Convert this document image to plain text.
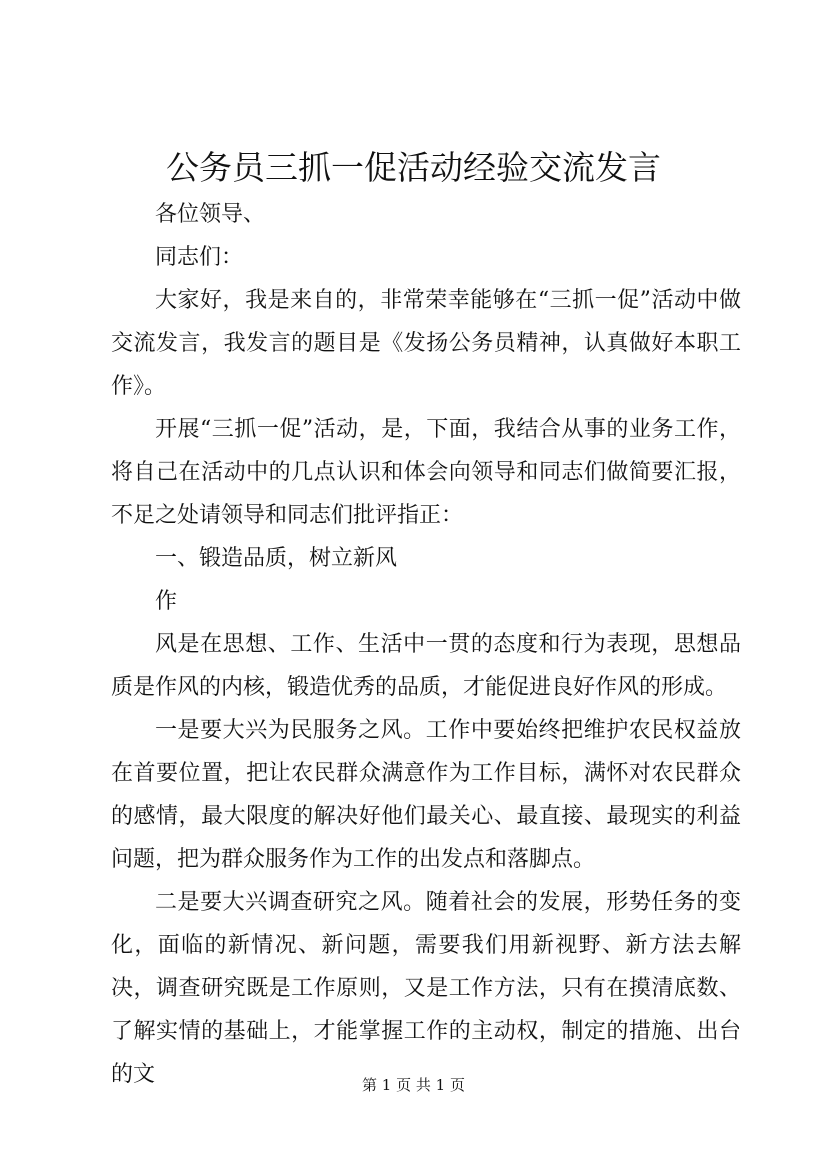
公务员三抓一促活动经验交流发言

各位领导、

同志们：

大家好，我是来自的，非常荣幸能够在“三抓一促”活动中做交流发言，我发言的题目是《发扬公务员精神，认真做好本职工作》。

开展“三抓一促”活动，是，下面，我结合从事的业务工作，将自己在活动中的几点认识和体会向领导和同志们做简要汇报，不足之处请领导和同志们批评指正：

一、锻造品质，树立新风

作

风是在思想、工作、生活中一贯的态度和行为表现，思想品质是作风的内核，锻造优秀的品质，才能促进良好作风的形成。

一是要大兴为民服务之风。工作中要始终把维护农民权益放在首要位置，把让农民群众满意作为工作目标，满怀对农民群众的感情，最大限度的解决好他们最关心、最直接、最现实的利益问题，把为群众服务作为工作的出发点和落脚点。

二是要大兴调查研究之风。随着社会的发展，形势任务的变化，面临的新情况、新问题，需要我们用新视野、新方法去解决，调查研究既是工作原则，又是工作方法，只有在摸清底数、了解实情的基础上，才能掌握工作的主动权，制定的措施、出台的文	第 1 页 共 1 页
